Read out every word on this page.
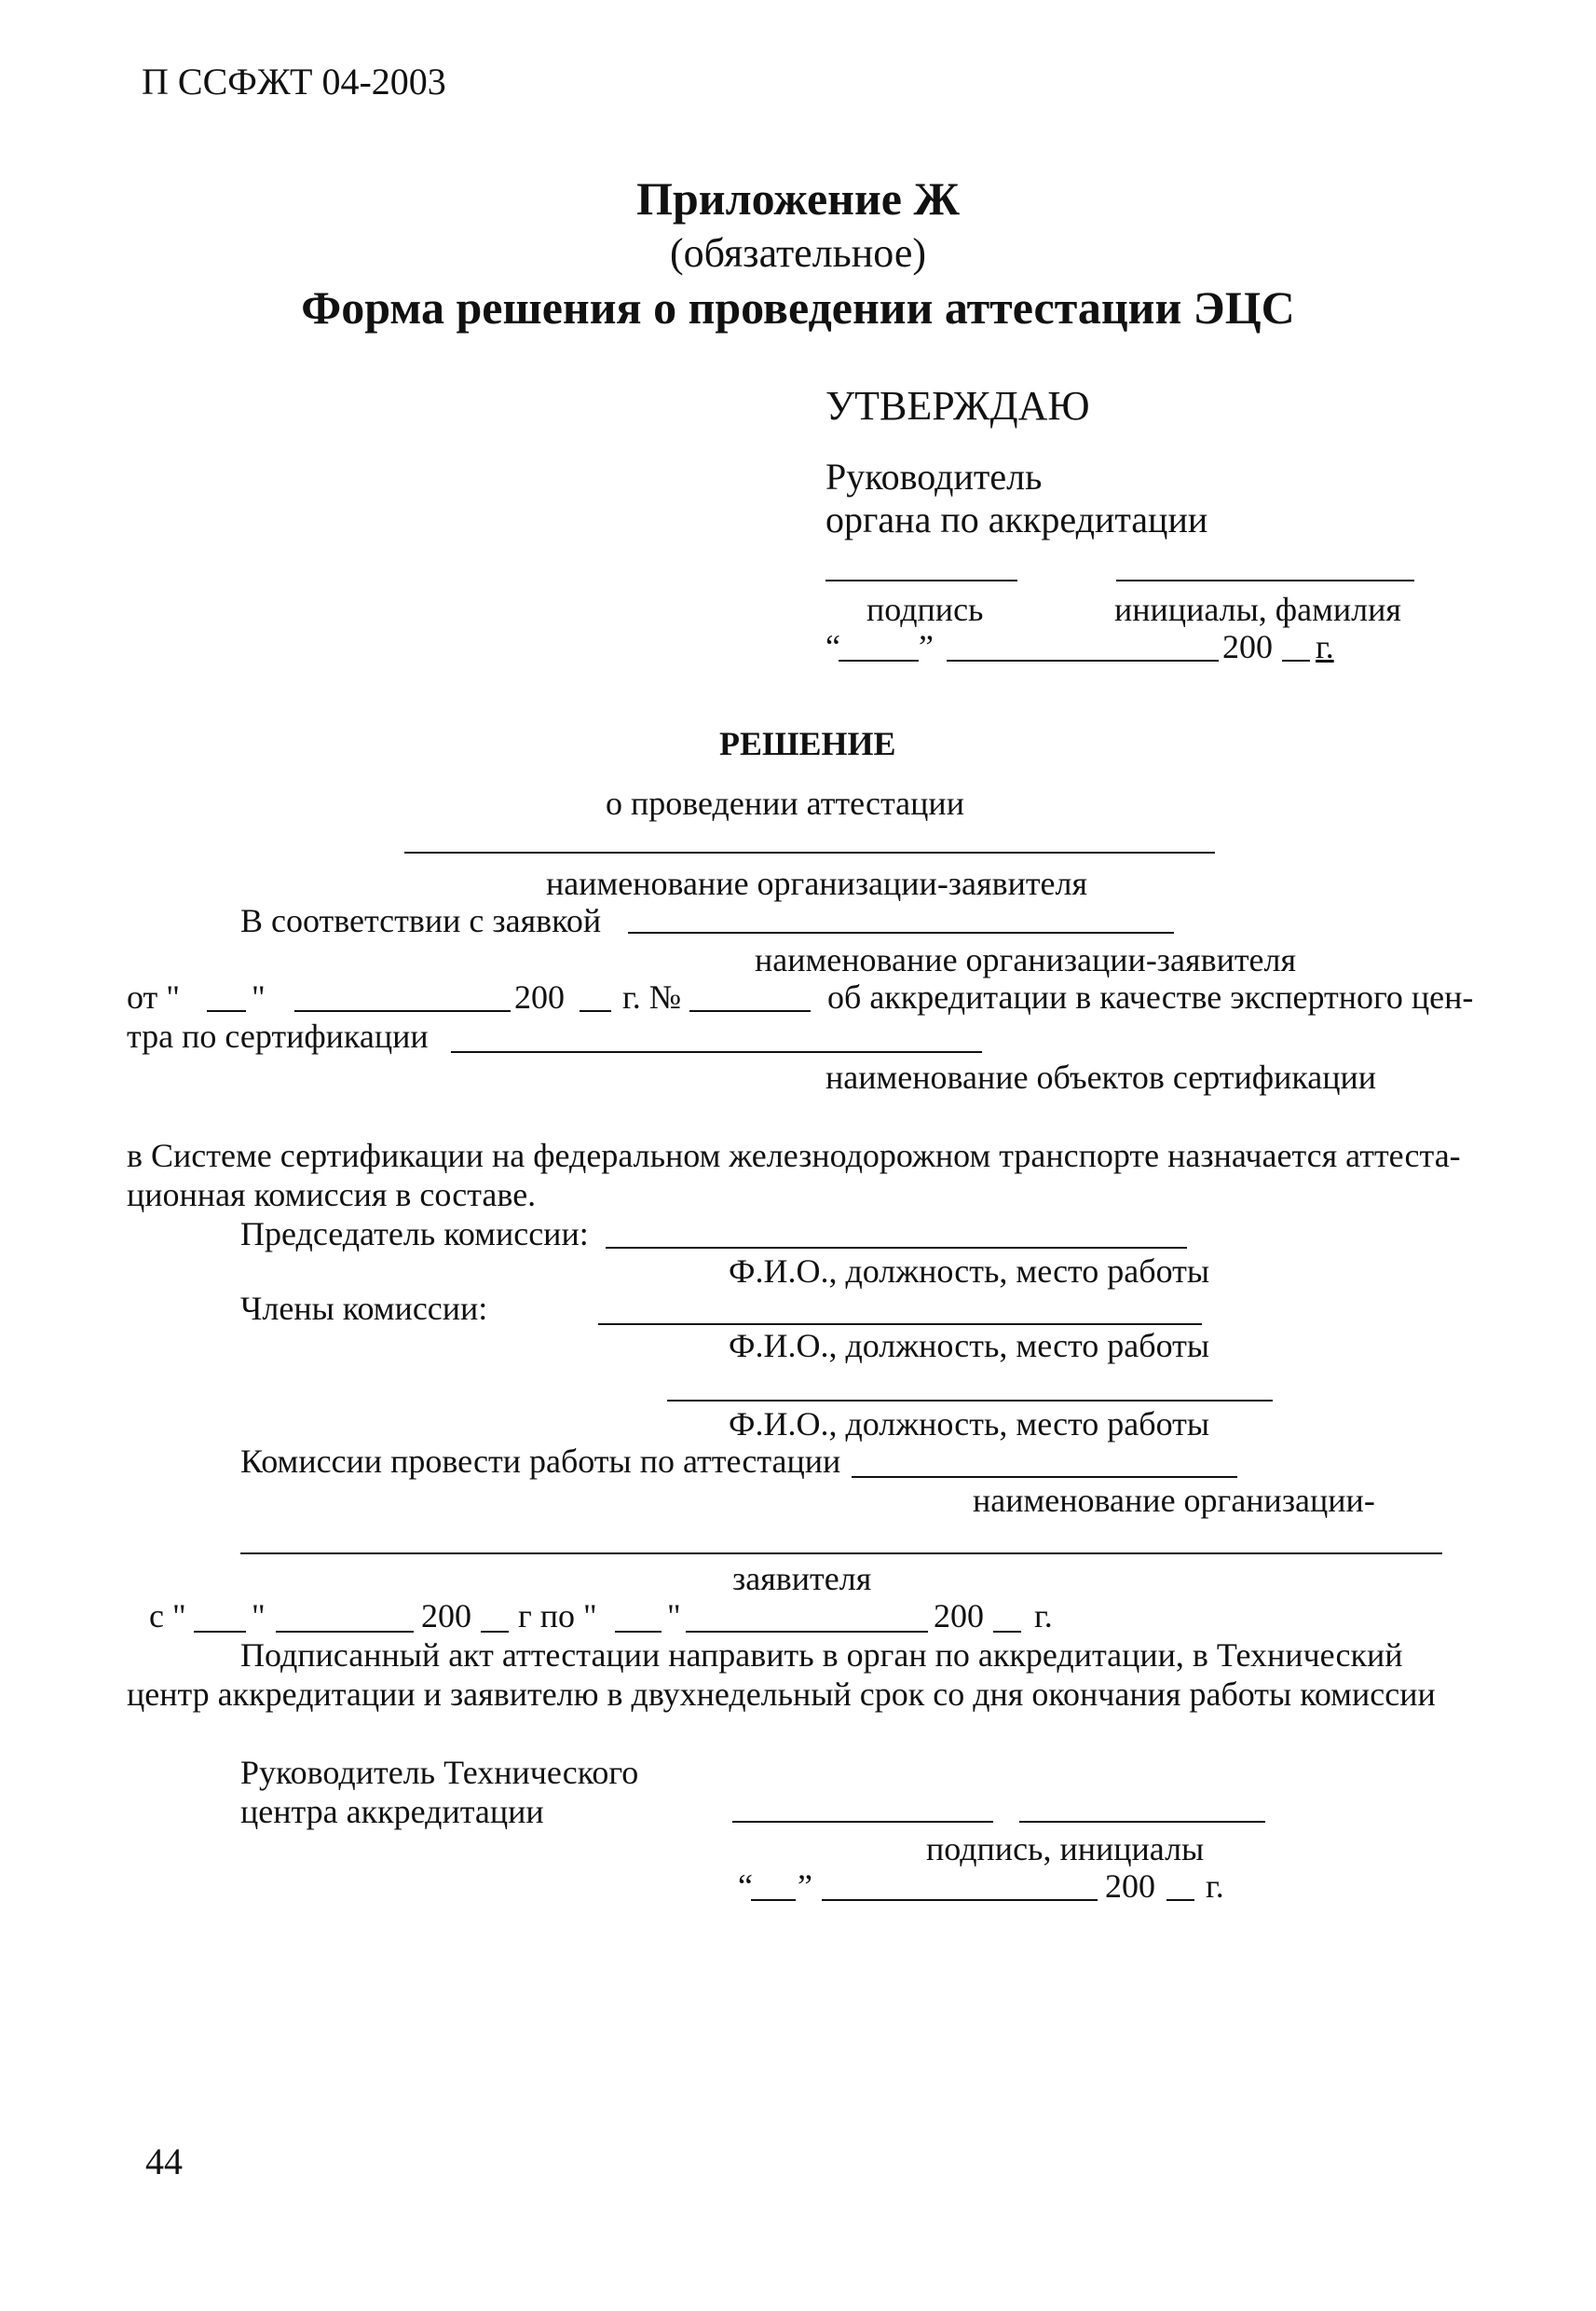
П ССФЖТ 04-2003
Приложение Ж
(обязательное)
Форма решения о проведении аттестации ЭЦС
УТВЕРЖДАЮ
Руководитель
органа по аккредитации
подпись	инициалы, фамилия
“ ”	200 г.
РЕШЕНИЕ
о проведении аттестации
наименование организации-заявителя
В соответствии с заявкой
наименование организации-заявителя
от " "	200 г. №	об аккредитации в качестве экспертного цен-
тра по сертификации
наименование объектов сертификации
в Системе сертификации на федеральном железнодорожном транспорте назначается аттеста-
ционная комиссия в составе.
Председатель комиссии:
Ф.И.О., должность, место работы
Члены комиссии:
Ф.И.О., должность, место работы
Ф.И.О., должность, место работы
Комиссии провести работы по аттестации
наименование организации-
заявителя
с " "	200 г по " "	200 г.
Подписанный акт аттестации направить в орган по аккредитации, в Технический
центр аккредитации и заявителю в двухнедельный срок со дня окончания работы комиссии
Руководитель Технического
центра аккредитации
подпись, инициалы
“ ”	200 г.
44
